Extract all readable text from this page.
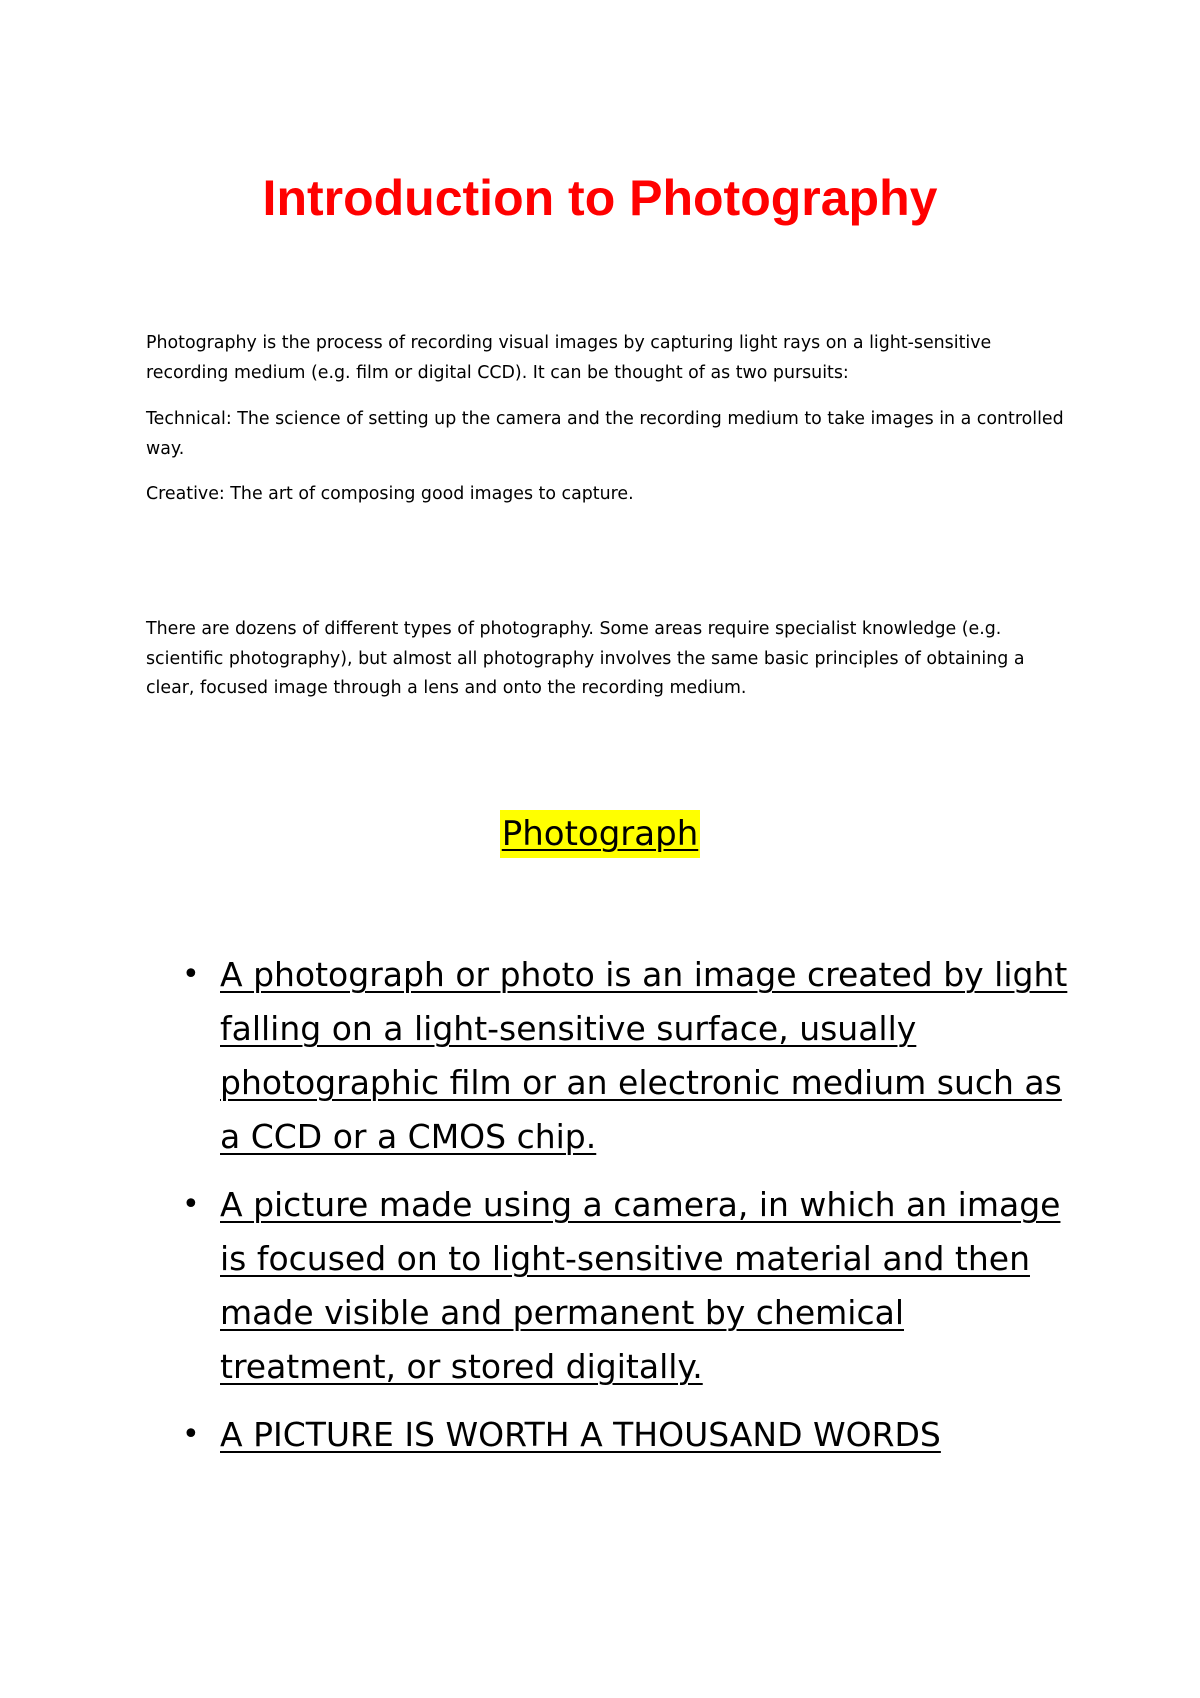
Introduction to Photography

Photography is the process of recording visual images by capturing light rays on a light-sensitive recording medium (e.g. film or digital CCD). It can be thought of as two pursuits:

Technical: The science of setting up the camera and the recording medium to take images in a controlled way.

Creative: The art of composing good images to capture.

There are dozens of different types of photography. Some areas require specialist knowledge (e.g. scientific photography), but almost all photography involves the same basic principles of obtaining a clear, focused image through a lens and onto the recording medium.

Photograph
• A photograph or photo is an image created by light falling on a light-sensitive surface, usually photographic film or an electronic medium such as a CCD or a CMOS chip.
• A picture made using a camera, in which an image is focused on to light-sensitive material and then made visible and permanent by chemical treatment, or stored digitally.
• A PICTURE IS WORTH A THOUSAND WORDS
